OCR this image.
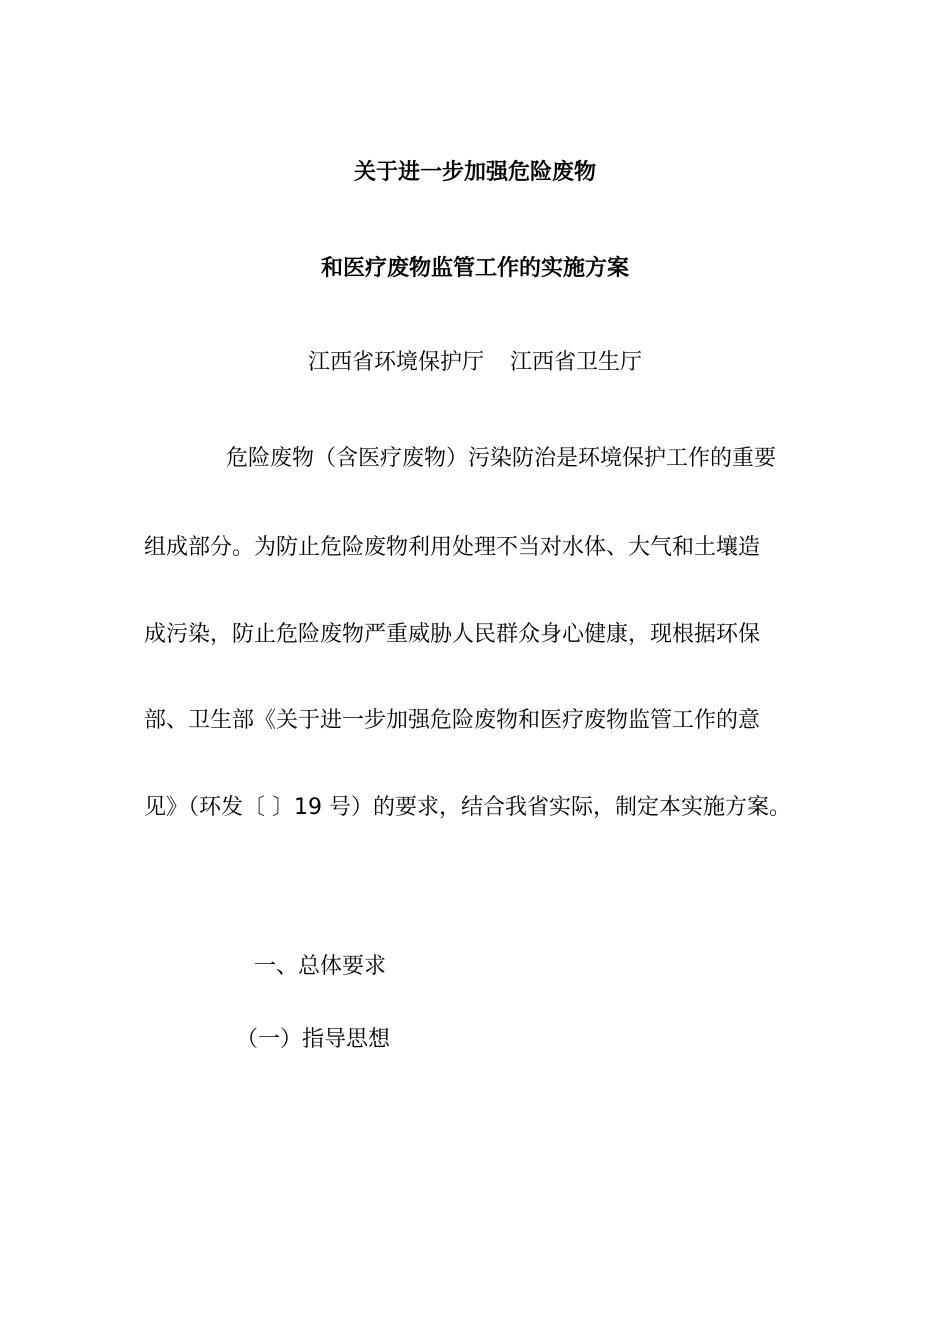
关于进一步加强危险废物
和医疗废物监管工作的实施方案
江西省环境保护厅 江西省卫生厅
危险废物（含医疗废物）污染防治是环境保护工作的重要
组成部分。为防止危险废物利用处理不当对水体、大气和土壤造
成污染，防止危险废物严重威胁人民群众身心健康，现根据环保
部、卫生部《关于进一步加强危险废物和医疗废物监管工作的意
见》（环发〔 〕19 号）的要求，结合我省实际，制定本实施方案。
一、总体要求
（一）指导思想
